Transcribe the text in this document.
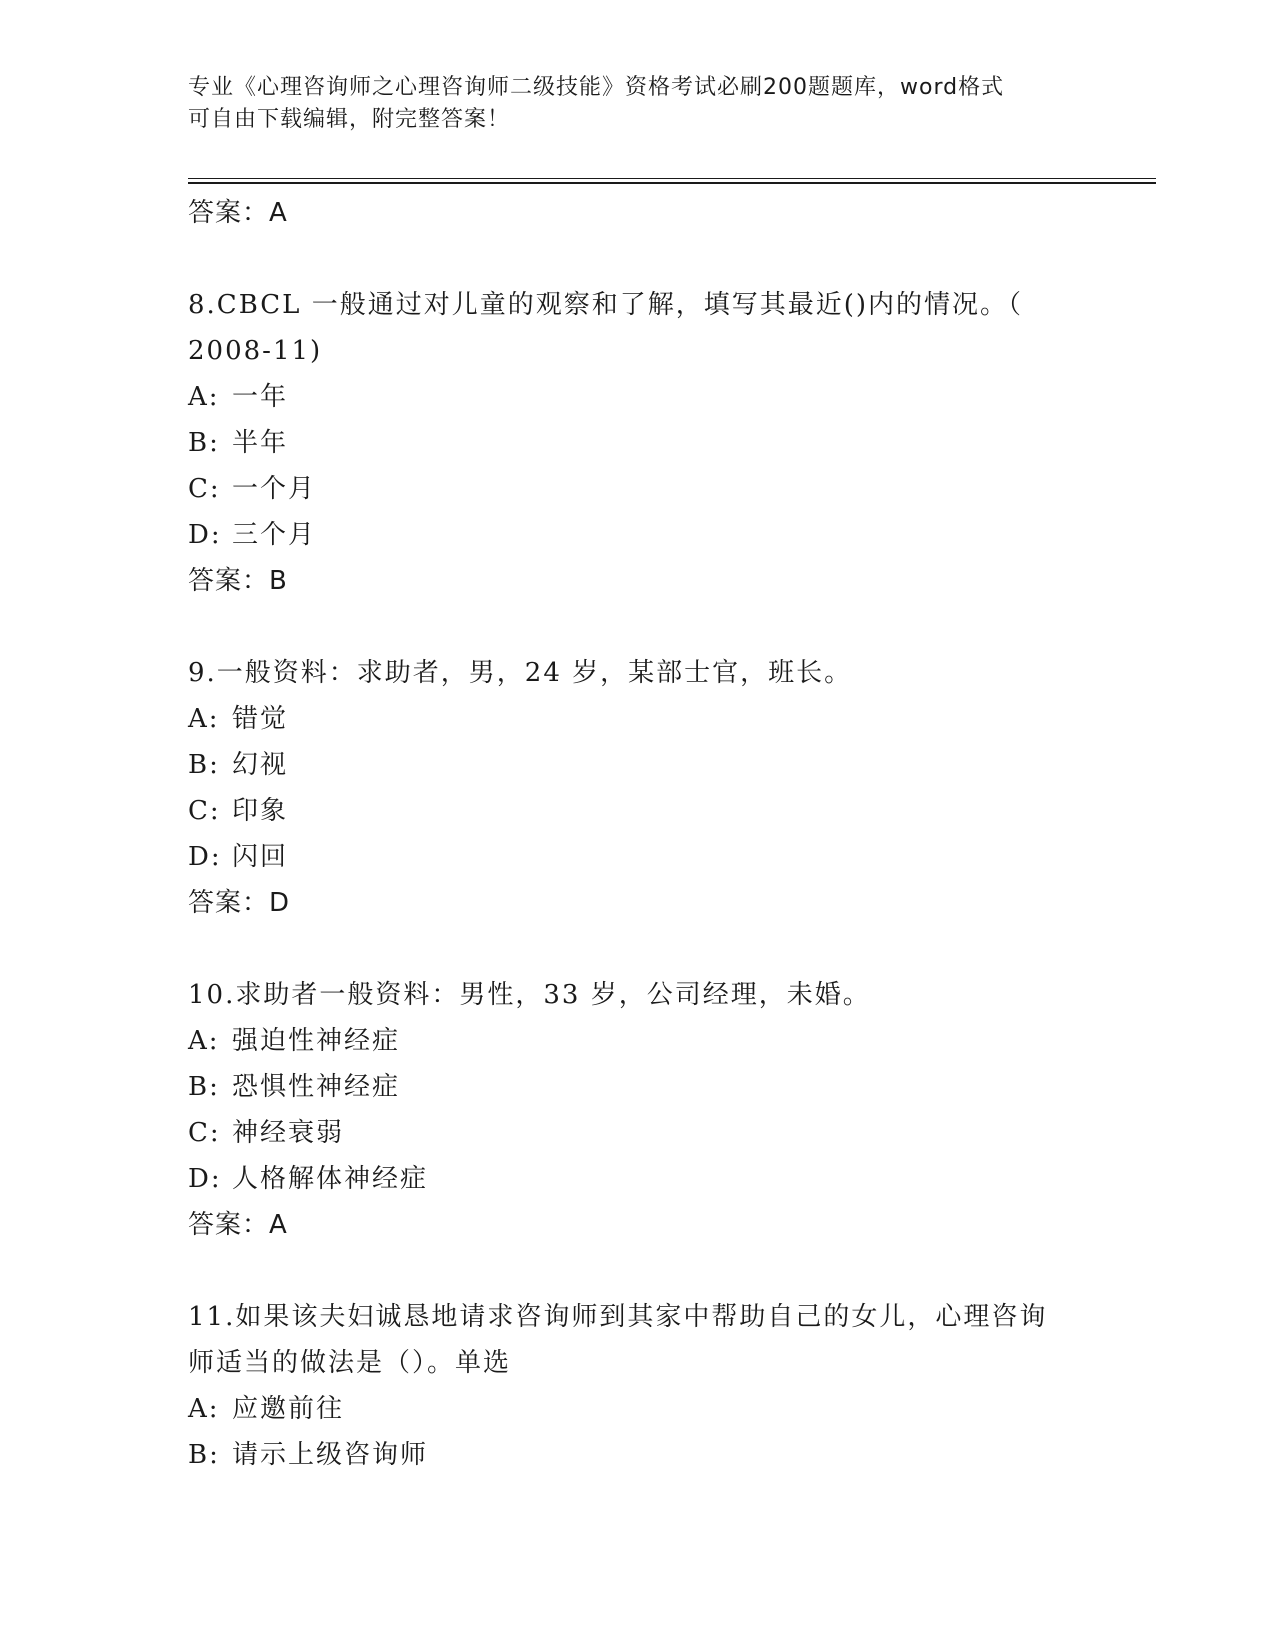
专业《心理咨询师之心理咨询师二级技能》资格考试必刷200题题库，word格式
可自由下载编辑，附完整答案！
答案：A
8.CBCL 一般通过对儿童的观察和了解，填写其最近()内的情况。（
2008-11)
A: 一年
B: 半年
C: 一个月
D: 三个月
答案：B
9.一般资料：求助者，男，24 岁，某部士官，班长。
A: 错觉
B: 幻视
C: 印象
D: 闪回
答案：D
10.求助者一般资料：男性，33 岁，公司经理，未婚。
A: 强迫性神经症
B: 恐惧性神经症
C: 神经衰弱
D: 人格解体神经症
答案：A
11.如果该夫妇诚恳地请求咨询师到其家中帮助自己的女儿，心理咨询
师适当的做法是（）。单选
A: 应邀前往
B: 请示上级咨询师
